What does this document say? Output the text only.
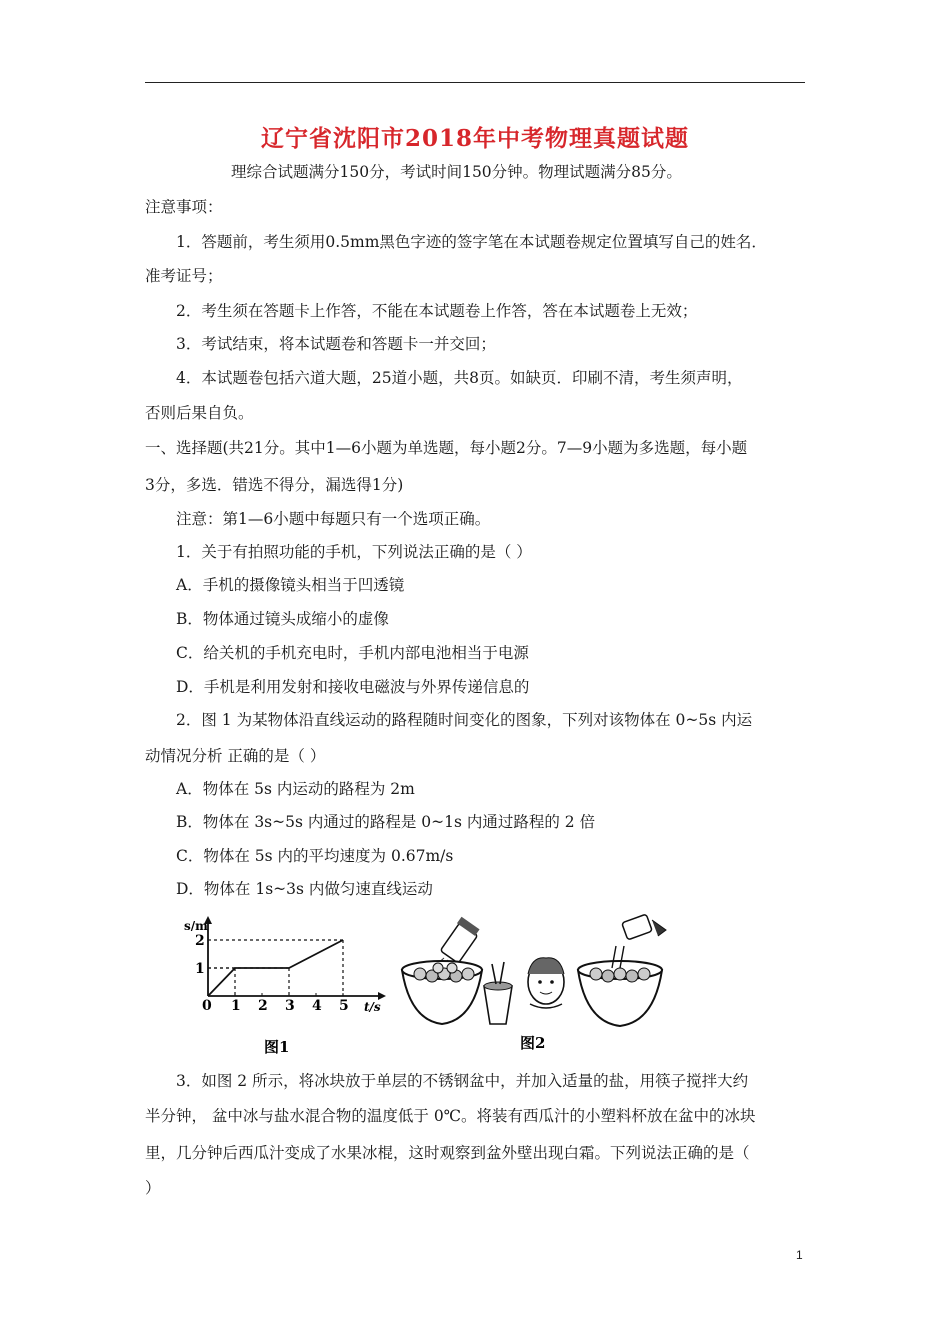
辽宁省沈阳市2018年中考物理真题试题
理综合试题满分150分，考试时间150分钟。物理试题满分85分。
注意事项：
1．答题前，考生须用0.5mm黑色字迹的签字笔在本试题卷规定位置填写自己的姓名．
准考证号；
2．考生须在答题卡上作答，不能在本试题卷上作答，答在本试题卷上无效；
3．考试结束，将本试题卷和答题卡一并交回；
4．本试题卷包括六道大题，25道小题，共8页。如缺页．印刷不清，考生须声明，
否则后果自负。
一、选择题(共21分。其中1—6小题为单选题，每小题2分。7—9小题为多选题，每小题
3分，多选．错选不得分，漏选得1分)
注意：第1—6小题中每题只有一个选项正确。
1．关于有拍照功能的手机，下列说法正确的是（ ）
A．手机的摄像镜头相当于凹透镜
B．物体通过镜头成缩小的虚像
C．给关机的手机充电时，手机内部电池相当于电源
D．手机是利用发射和接收电磁波与外界传递信息的
2．图 1 为某物体沿直线运动的路程随时间变化的图象，下列对该物体在 0~5s 内运
动情况分析 正确的是（ ）
A．物体在 5s 内运动的路程为 2m
B．物体在 3s~5s 内通过的路程是 0~1s 内通过路程的 2 倍
C．物体在 5s 内的平均速度为 0.67m/s
D．物体在 1s~3s 内做匀速直线运动
s/m
t/s
0 1 2 3 4 5
1
2
图1	图2
3．如图 2 所示，将冰块放于单层的不锈钢盆中，并加入适量的盐，用筷子搅拌大约
半分钟， 盆中冰与盐水混合物的温度低于 0℃。将装有西瓜汁的小塑料杯放在盆中的冰块
里，几分钟后西瓜汁变成了水果冰棍，这时观察到盆外壁出现白霜。下列说法正确的是（
）
1
